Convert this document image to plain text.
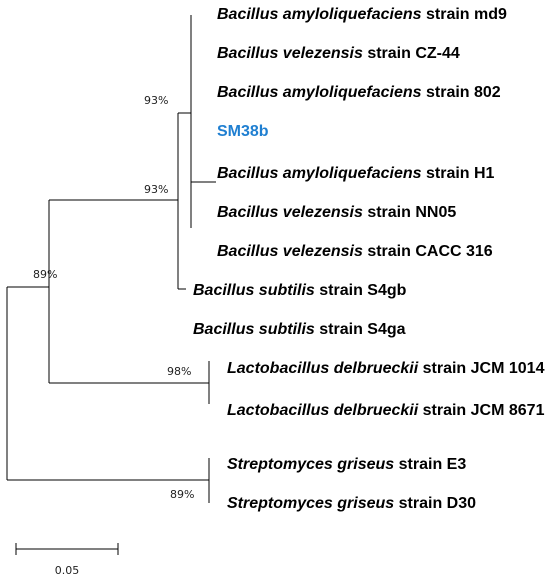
Bacillus amyloliquefaciens strain md9
Bacillus velezensis strain CZ-44
Bacillus amyloliquefaciens strain 802
SM38b
Bacillus amyloliquefaciens strain H1
Bacillus velezensis strain NN05
Bacillus velezensis strain CACC 316
Bacillus subtilis strain S4gb
Bacillus subtilis strain S4ga
Lactobacillus delbrueckii strain JCM 1014
Lactobacillus delbrueckii strain JCM 8671
Streptomyces griseus strain E3
Streptomyces griseus strain D30
93%
93%
89%
98%
89%
0.05
